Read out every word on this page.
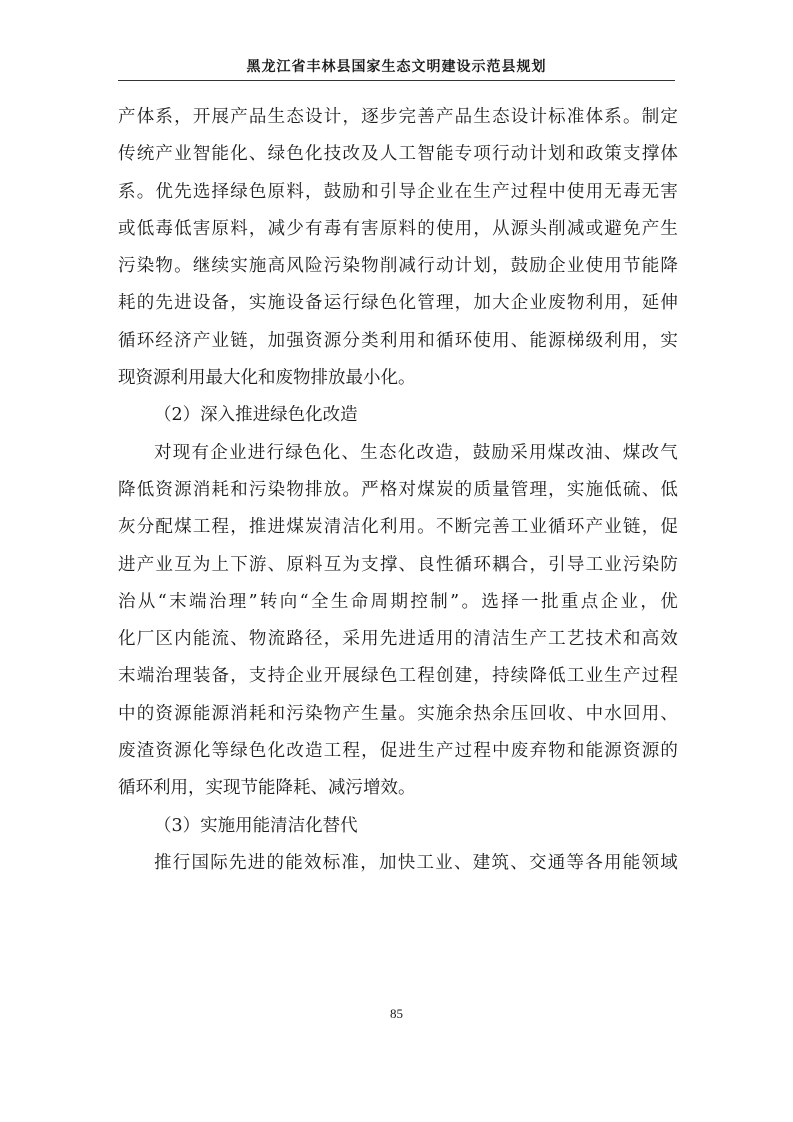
黑龙江省丰林县国家生态文明建设示范县规划
产 体 系 ， 开 展 产 品 生 态 设 计 ， 逐 步 完 善 产 品 生 态 设 计 标 准 体 系 。 制 定
传 统 产 业 智 能 化 、 绿 色 化 技 改 及 人 工 智 能 专 项 行 动 计 划 和 政 策 支 撑 体
系 。 优 先 选 择 绿 色 原 料 ， 鼓 励 和 引 导 企 业 在 生 产 过 程 中 使 用 无 毒 无 害
或 低 毒 低 害 原 料 ， 减 少 有 毒 有 害 原 料 的 使 用 ， 从 源 头 削 减 或 避 免 产 生
污 染 物 。 继 续 实 施 高 风 险 污 染 物 削 减 行 动 计 划 ， 鼓 励 企 业 使 用 节 能 降
耗 的 先 进 设 备 ， 实 施 设 备 运 行 绿 色 化 管 理 ， 加 大 企 业 废 物 利 用 ， 延 伸
循 环 经 济 产 业 链 ， 加 强 资 源 分 类 利 用 和 循 环 使 用 、 能 源 梯 级 利 用 ， 实
现资源利用最大化和废物排放最小化。
（2）深入推进绿色化改造
对 现 有 企 业 进 行 绿 色 化 、 生 态 化 改 造 ， 鼓 励 采 用 煤 改 油 、 煤 改 气
降 低 资 源 消 耗 和 污 染 物 排 放 。 严 格 对 煤 炭 的 质 量 管 理 ， 实 施 低 硫 、 低
灰 分 配 煤 工 程 ， 推 进 煤 炭 清 洁 化 利 用 。 不 断 完 善 工 业 循 环 产 业 链 ， 促
进 产 业 互 为 上 下 游 、 原 料 互 为 支 撑 、 良 性 循 环 耦 合 ， 引 导 工 业 污 染 防
治 从 “ 末 端 治 理 ” 转 向 “ 全 生 命 周 期 控 制 ” 。 选 择 一 批 重 点 企 业 ， 优
化 厂 区 内 能 流 、 物 流 路 径 ， 采 用 先 进 适 用 的 清 洁 生 产 工 艺 技 术 和 高 效
末 端 治 理 装 备 ， 支 持 企 业 开 展 绿 色 工 程 创 建 ， 持 续 降 低 工 业 生 产 过 程
中 的 资 源 能 源 消 耗 和 污 染 物 产 生 量 。 实 施 余 热 余 压 回 收 、 中 水 回 用 、
废 渣 资 源 化 等 绿 色 化 改 造 工 程 ， 促 进 生 产 过 程 中 废 弃 物 和 能 源 资 源 的
循环利用，实现节能降耗、减污增效。
（3）实施用能清洁化替代
推 行 国 际 先 进 的 能 效 标 准 ， 加 快 工 业 、 建 筑 、 交 通 等 各 用 能 领 域
85
